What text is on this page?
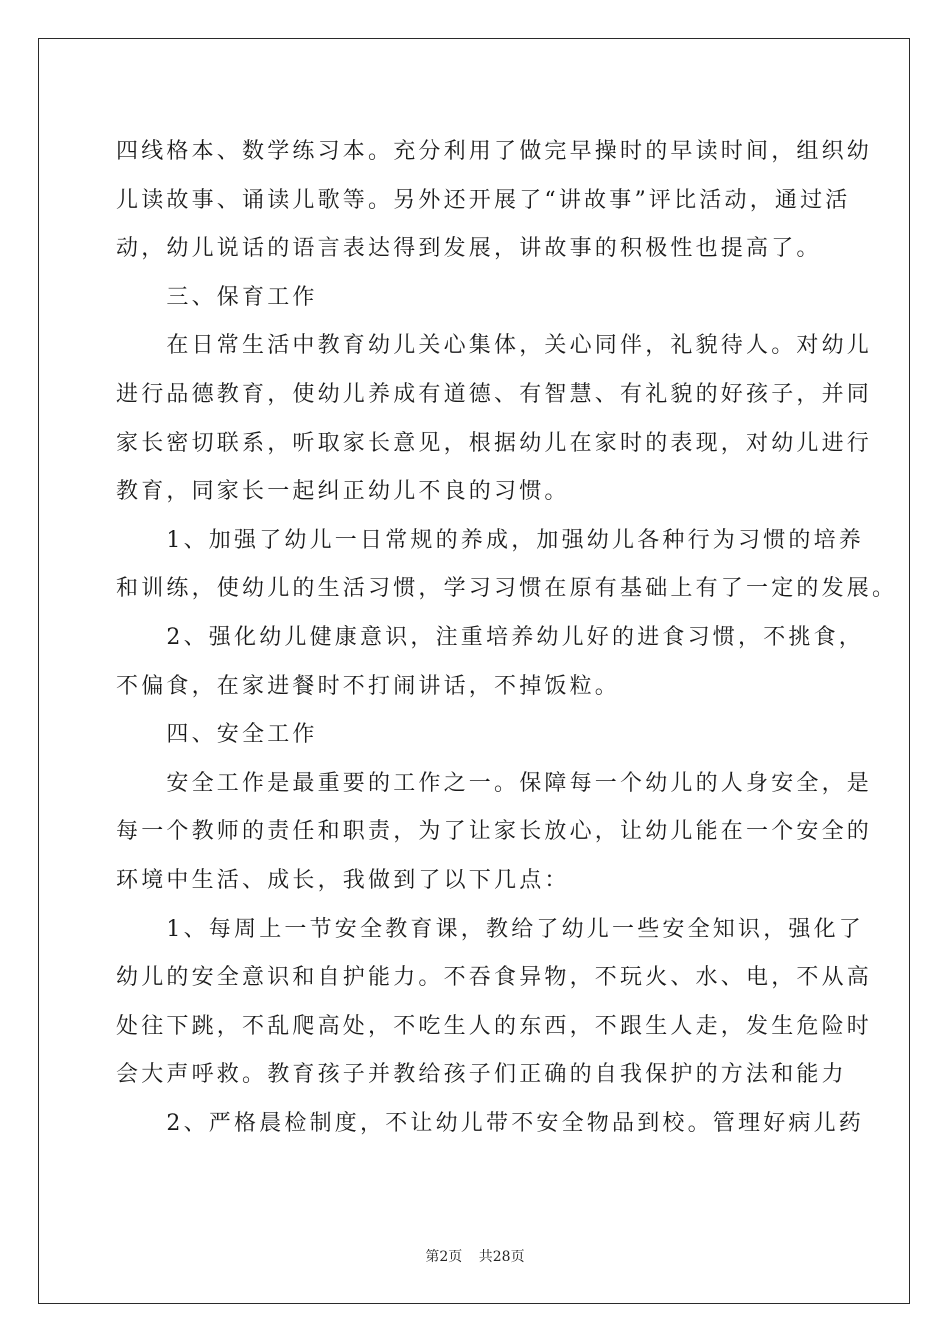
四线格本、数学练习本。充分利用了做完早操时的早读时间，组织幼
儿读故事、诵读儿歌等。另外还开展了“讲故事”评比活动，通过活
动，幼儿说话的语言表达得到发展，讲故事的积极性也提高了。
　　三、保育工作
　　在日常生活中教育幼儿关心集体，关心同伴，礼貌待人。对幼儿
进行品德教育，使幼儿养成有道德、有智慧、有礼貌的好孩子，并同
家长密切联系，听取家长意见，根据幼儿在家时的表现，对幼儿进行
教育，同家长一起纠正幼儿不良的习惯。
　　1、加强了幼儿一日常规的养成，加强幼儿各种行为习惯的培养
和训练，使幼儿的生活习惯，学习习惯在原有基础上有了一定的发展。
　　2、强化幼儿健康意识，注重培养幼儿好的进食习惯，不挑食，
不偏食，在家进餐时不打闹讲话，不掉饭粒。
　　四、安全工作
　　安全工作是最重要的工作之一。保障每一个幼儿的人身安全，是
每一个教师的责任和职责，为了让家长放心，让幼儿能在一个安全的
环境中生活、成长，我做到了以下几点：
　　1、每周上一节安全教育课，教给了幼儿一些安全知识，强化了
幼儿的安全意识和自护能力。不吞食异物，不玩火、水、电，不从高
处往下跳，不乱爬高处，不吃生人的东西，不跟生人走，发生危险时
会大声呼救。教育孩子并教给孩子们正确的自我保护的方法和能力
　　2、严格晨检制度，不让幼儿带不安全物品到校。管理好病儿药
第2页 共28页
